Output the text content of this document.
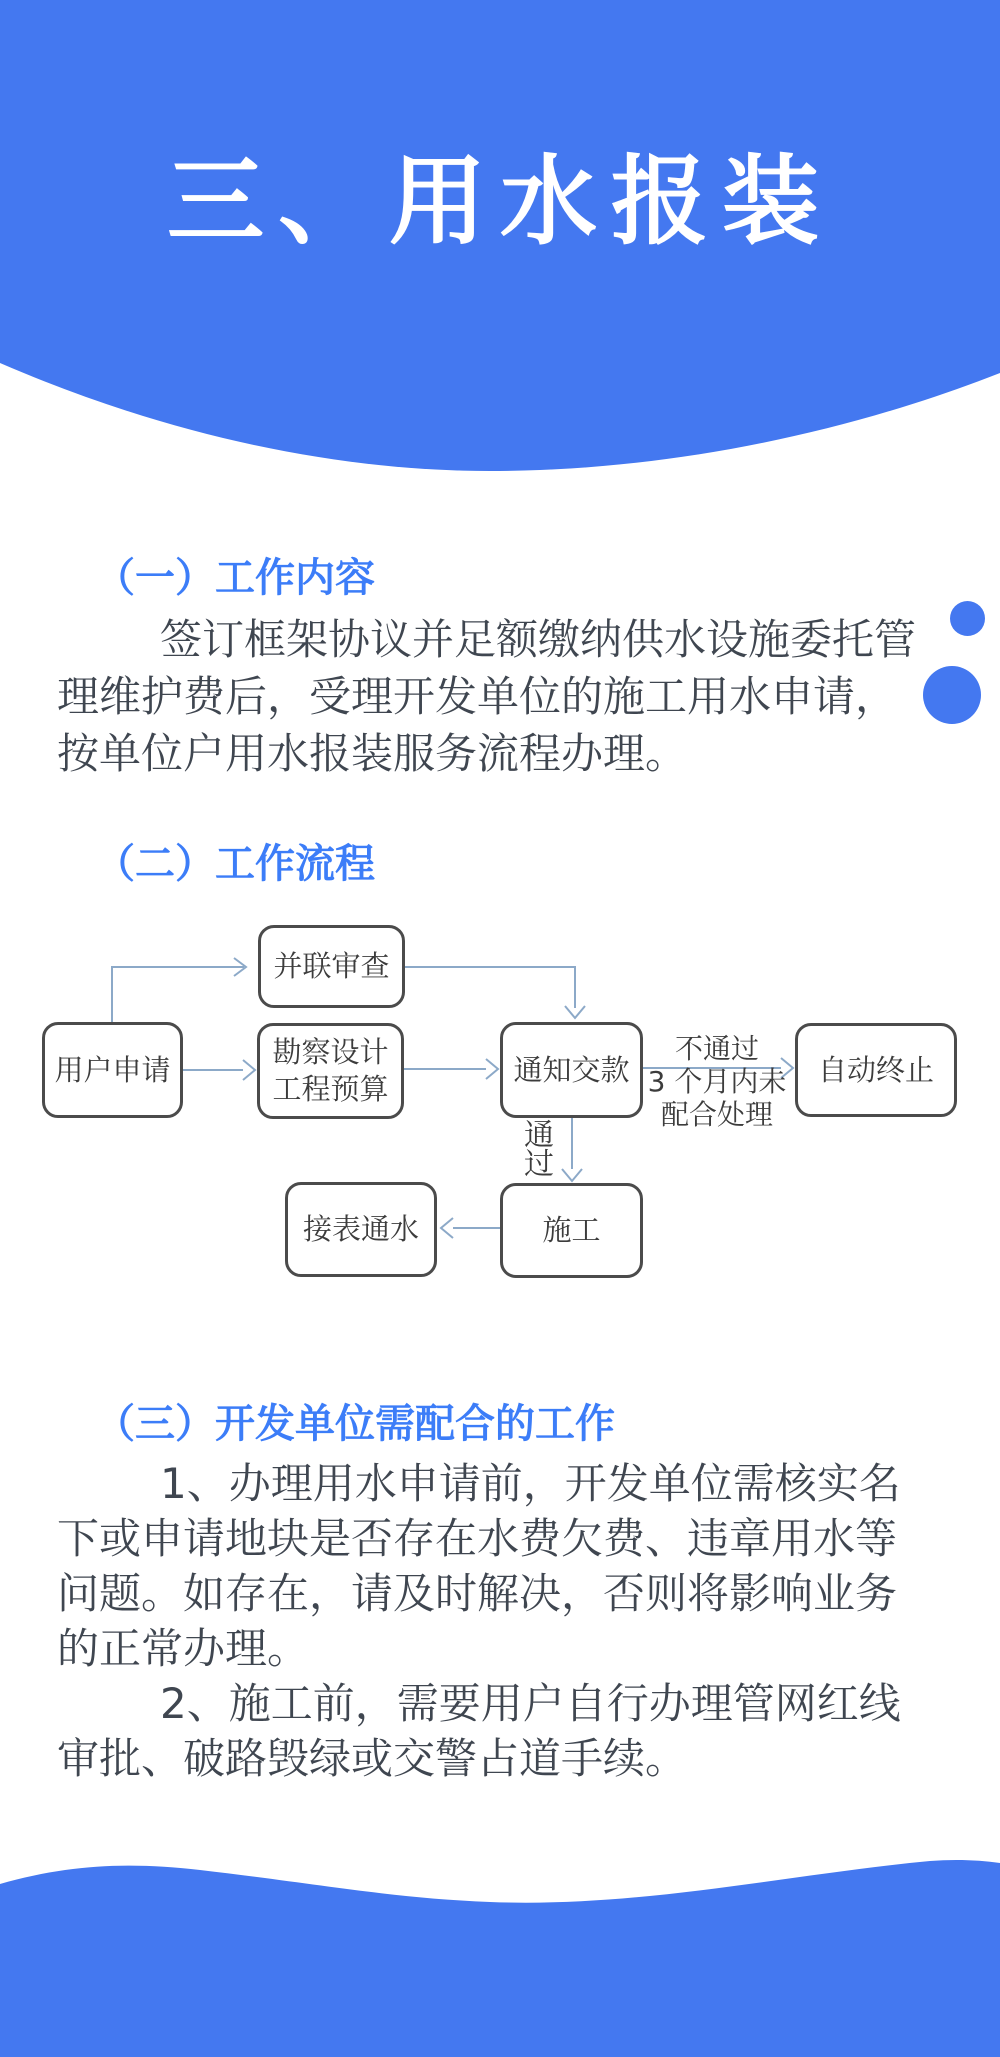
三、用水报装
（一）工作内容
签订框架协议并足额缴纳供水设施委托管
理维护费后，受理开发单位的施工用水申请，
按单位户用水报装服务流程办理。
（二）工作流程
用户申请
并联审查
勘察设计
工程预算
通知交款	自动终止
施工
接表通水
不通过
3 个月内未
配合处理
通
过
（三）开发单位需配合的工作
1、办理用水申请前，开发单位需核实名
下或申请地块是否存在水费欠费、违章用水等
问题。如存在，请及时解决，否则将影响业务
的正常办理。
2、施工前，需要用户自行办理管网红线
审批、破路毁绿或交警占道手续。
